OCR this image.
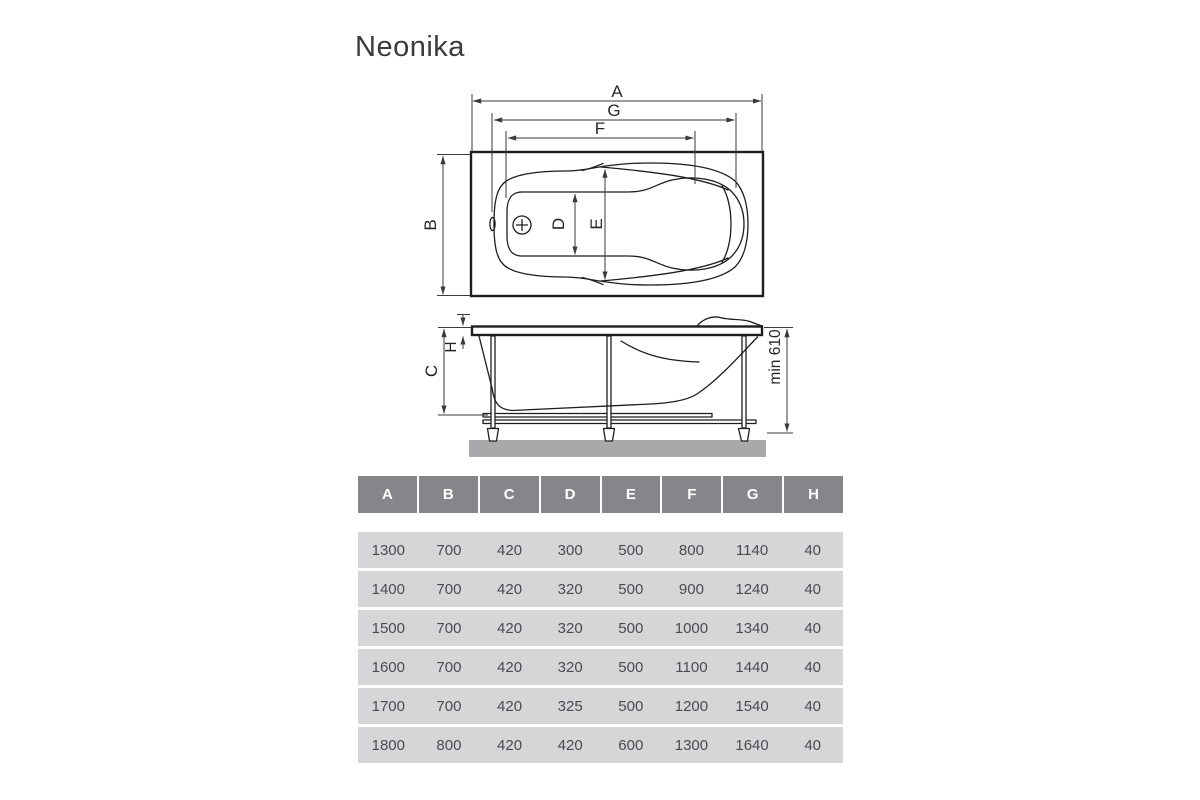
Neonika
A
G
F
B	D E
H
C	min 610
A	B	C	D	E	F	G	H
1300	700	420	300	500	800	1140	40
1400	700	420	320	500	900	1240	40
1500	700	420	320	500	1000	1340	40
1600	700	420	320	500	1100	1440	40
1700	700	420	325	500	1200	1540	40
1800	800	420	420	600	1300	1640	40
